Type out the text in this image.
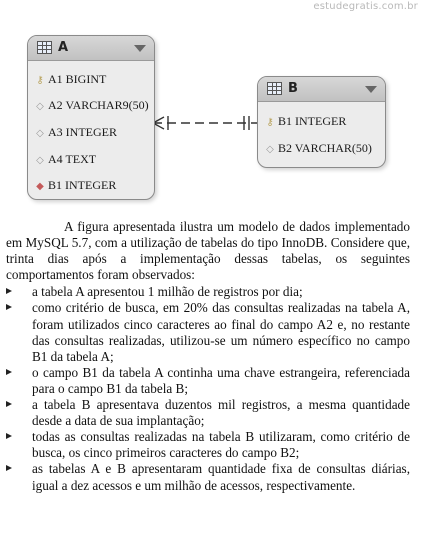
estudegratis.com.br
A
⚷ A1 BIGINT
◇ A2 VARCHAR9(50)
◇ A3 INTEGER
◇ A4 TEXT
◆ B1 INTEGER
B
⚷ B1 INTEGER
◇ B2 VARCHAR(50)

A figura apresentada ilustra um modelo de dados implementado em MySQL 5.7, com a utilização de tabelas do tipo InnoDB. Considere que, trinta dias após a implementação dessas tabelas, os seguintes comportamentos foram observados:

a tabela A apresentou 1 milhão de registros por dia;
como critério de busca, em 20% das consultas realizadas na tabela A, foram utilizados cinco caracteres ao final do campo A2 e, no restante das consultas realizadas, utilizou-se um número específico no campo B1 da tabela A;
o campo B1 da tabela A continha uma chave estrangeira, referenciada para o campo B1 da tabela B;
a tabela B apresentava duzentos mil registros, a mesma quantidade desde a data de sua implantação;
todas as consultas realizadas na tabela B utilizaram, como critério de busca, os cinco primeiros caracteres do campo B2;
as tabelas A e B apresentaram quantidade fixa de consultas diárias, igual a dez acessos e um milhão de acessos, respectivamente.
